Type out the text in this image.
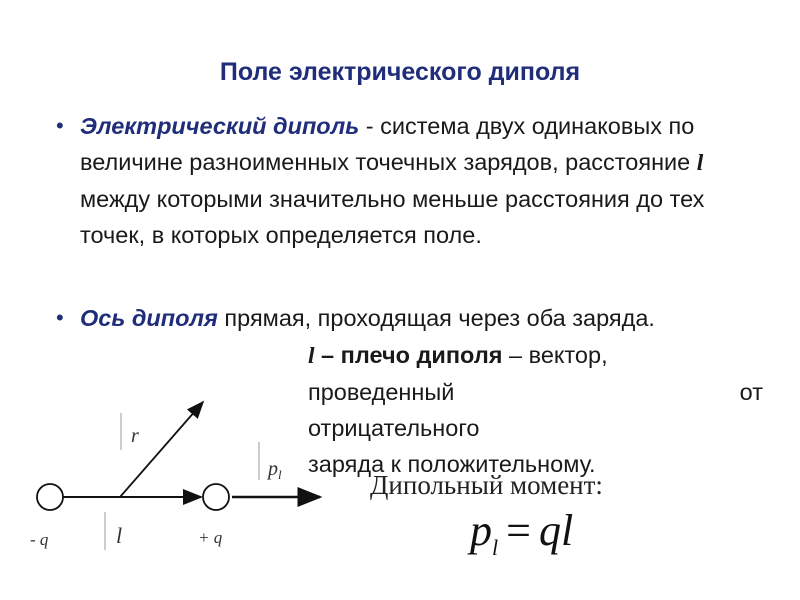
Поле электрического диполя
• Электрический диполь - система двух одинаковых по величине разноименных точечных зарядов, расстояние l между которыми значительно меньше расстояния до тех точек, в которых определяется поле.
• Ось диполя прямая, проходящая через оба заряда.
r
l
$p_l$
- q	+ q
l – плечо диполя – вектор,
проведенный	от
отрицательного
заряда к положительному.
Дипольный момент:
$p_l$ = ql
